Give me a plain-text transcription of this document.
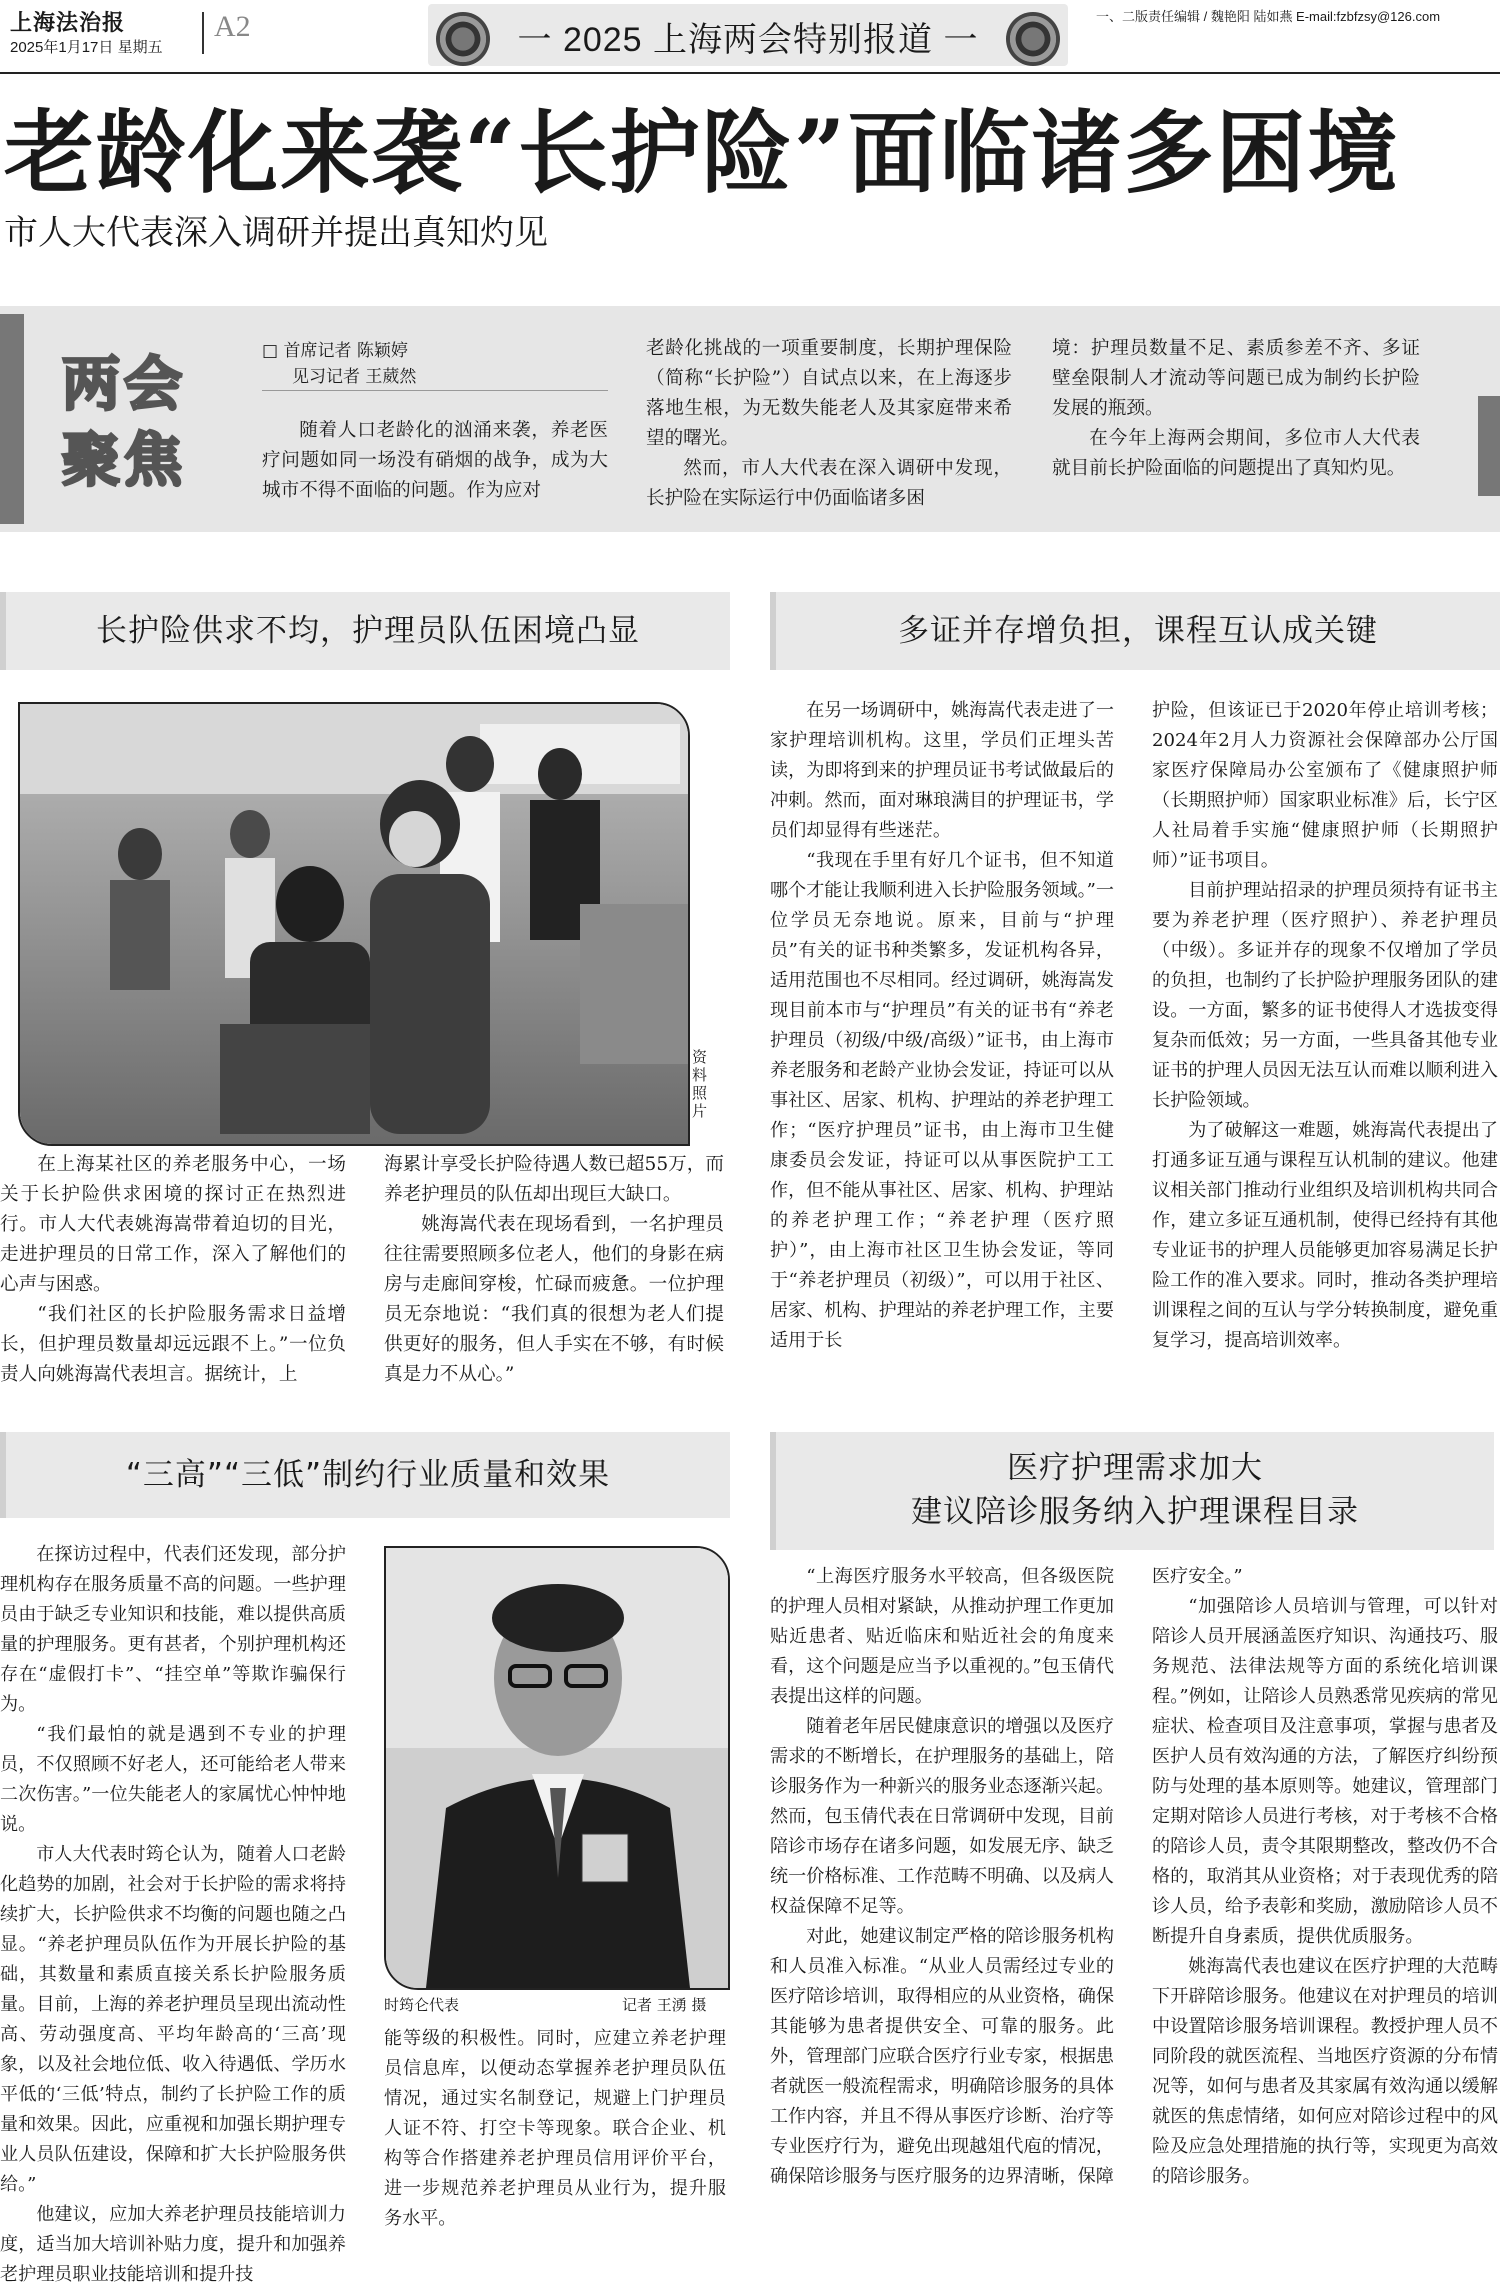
上海法治报
2025年1月17日 星期五
A2	一 2025 上海两会特别报道 一
一、二版责任编辑 / 魏艳阳 陆如燕 E-mail:fzbfzsy@126.com
老龄化来袭“长护险”面临诸多困境
市人大代表深入调研并提出真知灼见
两会
聚焦
□ 首席记者 陈颖婷
见习记者 王葳然

随着人口老龄化的汹涌来袭，养老医疗问题如同一场没有硝烟的战争，成为大城市不得不面临的问题。作为应对

老龄化挑战的一项重要制度，长期护理保险（简称“长护险”）自试点以来，在上海逐步落地生根，为无数失能老人及其家庭带来希望的曙光。

然而，市人大代表在深入调研中发现，长护险在实际运行中仍面临诸多困

境：护理员数量不足、素质参差不齐、多证壁垒限制人才流动等问题已成为制约长护险发展的瓶颈。

在今年上海两会期间，多位市人大代表就目前长护险面临的问题提出了真知灼见。

长护险供求不均，护理员队伍困境凸显
资料照片

在上海某社区的养老服务中心，一场关于长护险供求困境的探讨正在热烈进行。市人大代表姚海嵩带着迫切的目光，走进护理员的日常工作，深入了解他们的心声与困惑。

“我们社区的长护险服务需求日益增长，但护理员数量却远远跟不上。”一位负责人向姚海嵩代表坦言。据统计，上

海累计享受长护险待遇人数已超55万，而养老护理员的队伍却出现巨大缺口。

姚海嵩代表在现场看到，一名护理员往往需要照顾多位老人，他们的身影在病房与走廊间穿梭，忙碌而疲惫。一位护理员无奈地说：“我们真的很想为老人们提供更好的服务，但人手实在不够，有时候真是力不从心。”

多证并存增负担，课程互认成关键

在另一场调研中，姚海嵩代表走进了一家护理培训机构。这里，学员们正埋头苦读，为即将到来的护理员证书考试做最后的冲刺。然而，面对琳琅满目的护理证书，学员们却显得有些迷茫。

“我现在手里有好几个证书，但不知道哪个才能让我顺利进入长护险服务领域。”一位学员无奈地说。原来，目前与“护理员”有关的证书种类繁多，发证机构各异，适用范围也不尽相同。经过调研，姚海嵩发现目前本市与“护理员”有关的证书有“养老护理员（初级/中级/高级）”证书，由上海市养老服务和老龄产业协会发证，持证可以从事社区、居家、机构、护理站的养老护理工作；“医疗护理员”证书，由上海市卫生健康委员会发证，持证可以从事医院护工工作，但不能从事社区、居家、机构、护理站的养老护理工作；“养老护理（医疗照护）”，由上海市社区卫生协会发证，等同于“养老护理员（初级）”，可以用于社区、居家、机构、护理站的养老护理工作，主要适用于长

护险，但该证已于2020年停止培训考核；2024年2月人力资源社会保障部办公厅国家医疗保障局办公室颁布了《健康照护师（长期照护师）国家职业标准》后，长宁区人社局着手实施“健康照护师（长期照护师）”证书项目。

目前护理站招录的护理员须持有证书主要为养老护理（医疗照护）、养老护理员（中级）。多证并存的现象不仅增加了学员的负担，也制约了长护险护理服务团队的建设。一方面，繁多的证书使得人才选拔变得复杂而低效；另一方面，一些具备其他专业证书的护理人员因无法互认而难以顺利进入长护险领域。

为了破解这一难题，姚海嵩代表提出了打通多证互通与课程互认机制的建议。他建议相关部门推动行业组织及培训机构共同合作，建立多证互通机制，使得已经持有其他专业证书的护理人员能够更加容易满足长护险工作的准入要求。同时，推动各类护理培训课程之间的互认与学分转换制度，避免重复学习，提高培训效率。

“三高”“三低”制约行业质量和效果

在探访过程中，代表们还发现，部分护理机构存在服务质量不高的问题。一些护理员由于缺乏专业知识和技能，难以提供高质量的护理服务。更有甚者，个别护理机构还存在“虚假打卡”、“挂空单”等欺诈骗保行为。

“我们最怕的就是遇到不专业的护理员，不仅照顾不好老人，还可能给老人带来二次伤害。”一位失能老人的家属忧心忡忡地说。

市人大代表时筠仑认为，随着人口老龄化趋势的加剧，社会对于长护险的需求将持续扩大，长护险供求不均衡的问题也随之凸显。“养老护理员队伍作为开展长护险的基础，其数量和素质直接关系长护险服务质量。目前，上海的养老护理员呈现出流动性高、劳动强度高、平均年龄高的‘三高’现象，以及社会地位低、收入待遇低、学历水平低的‘三低’特点，制约了长护险工作的质量和效果。因此，应重视和加强长期护理专业人员队伍建设，保障和扩大长护险服务供给。”

他建议，应加大养老护理员技能培训力度，适当加大培训补贴力度，提升和加强养老护理员职业技能培训和提升技

时筠仑代表	记者 王湧 摄

能等级的积极性。同时，应建立养老护理员信息库，以便动态掌握养老护理员队伍情况，通过实名制登记，规避上门护理员人证不符、打空卡等现象。联合企业、机构等合作搭建养老护理员信用评价平台，进一步规范养老护理员从业行为，提升服务水平。

医疗护理需求加大
建议陪诊服务纳入护理课程目录

“上海医疗服务水平较高，但各级医院的护理人员相对紧缺，从推动护理工作更加贴近患者、贴近临床和贴近社会的角度来看，这个问题是应当予以重视的。”包玉倩代表提出这样的问题。

随着老年居民健康意识的增强以及医疗需求的不断增长，在护理服务的基础上，陪诊服务作为一种新兴的服务业态逐渐兴起。然而，包玉倩代表在日常调研中发现，目前陪诊市场存在诸多问题，如发展无序、缺乏统一价格标准、工作范畴不明确、以及病人权益保障不足等。

对此，她建议制定严格的陪诊服务机构和人员准入标准。“从业人员需经过专业的医疗陪诊培训，取得相应的从业资格，确保其能够为患者提供安全、可靠的服务。此外，管理部门应联合医疗行业专家，根据患者就医一般流程需求，明确陪诊服务的具体工作内容，并且不得从事医疗诊断、治疗等专业医疗行为，避免出现越俎代庖的情况，确保陪诊服务与医疗服务的边界清晰，保障

医疗安全。”

“加强陪诊人员培训与管理，可以针对陪诊人员开展涵盖医疗知识、沟通技巧、服务规范、法律法规等方面的系统化培训课程。”例如，让陪诊人员熟悉常见疾病的常见症状、检查项目及注意事项，掌握与患者及医护人员有效沟通的方法，了解医疗纠纷预防与处理的基本原则等。她建议，管理部门定期对陪诊人员进行考核，对于考核不合格的陪诊人员，责令其限期整改，整改仍不合格的，取消其从业资格；对于表现优秀的陪诊人员，给予表彰和奖励，激励陪诊人员不断提升自身素质，提供优质服务。

姚海嵩代表也建议在医疗护理的大范畴下开辟陪诊服务。他建议在对护理员的培训中设置陪诊服务培训课程。教授护理人员不同阶段的就医流程、当地医疗资源的分布情况等，如何与患者及其家属有效沟通以缓解就医的焦虑情绪，如何应对陪诊过程中的风险及应急处理措施的执行等，实现更为高效的陪诊服务。
